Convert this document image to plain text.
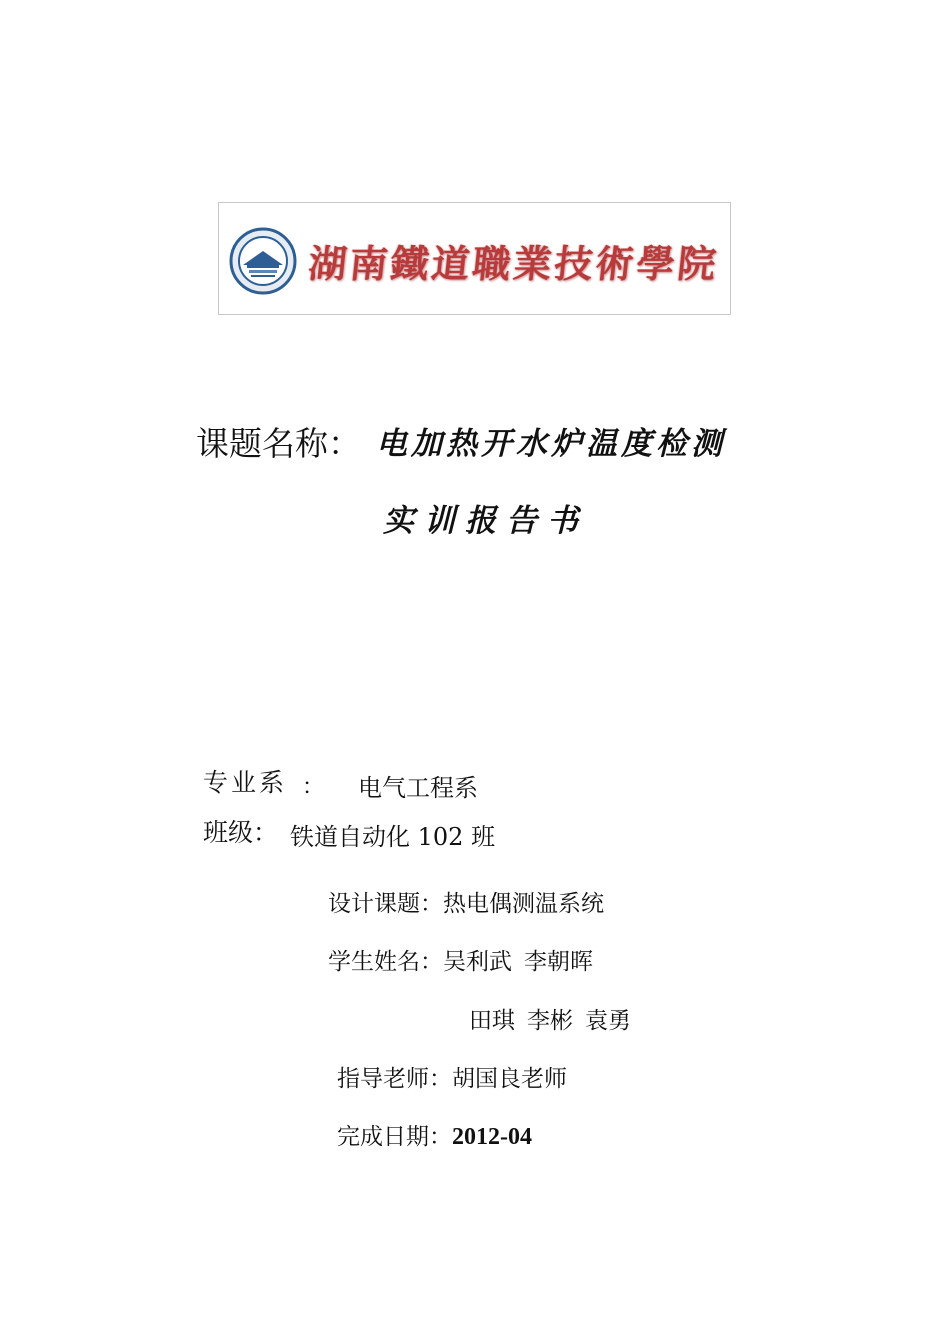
湖南鐵道職業技術學院
课题名称： 电加热开水炉温度检测
实训报告书
专业系 ： 电气工程系
班级： 铁道自动化 102 班
设计课题：热电偶测温系统
学生姓名：吴利武 李朝晖
田琪 李彬 袁勇
指导老师：胡国良老师
完成日期：2012-04
